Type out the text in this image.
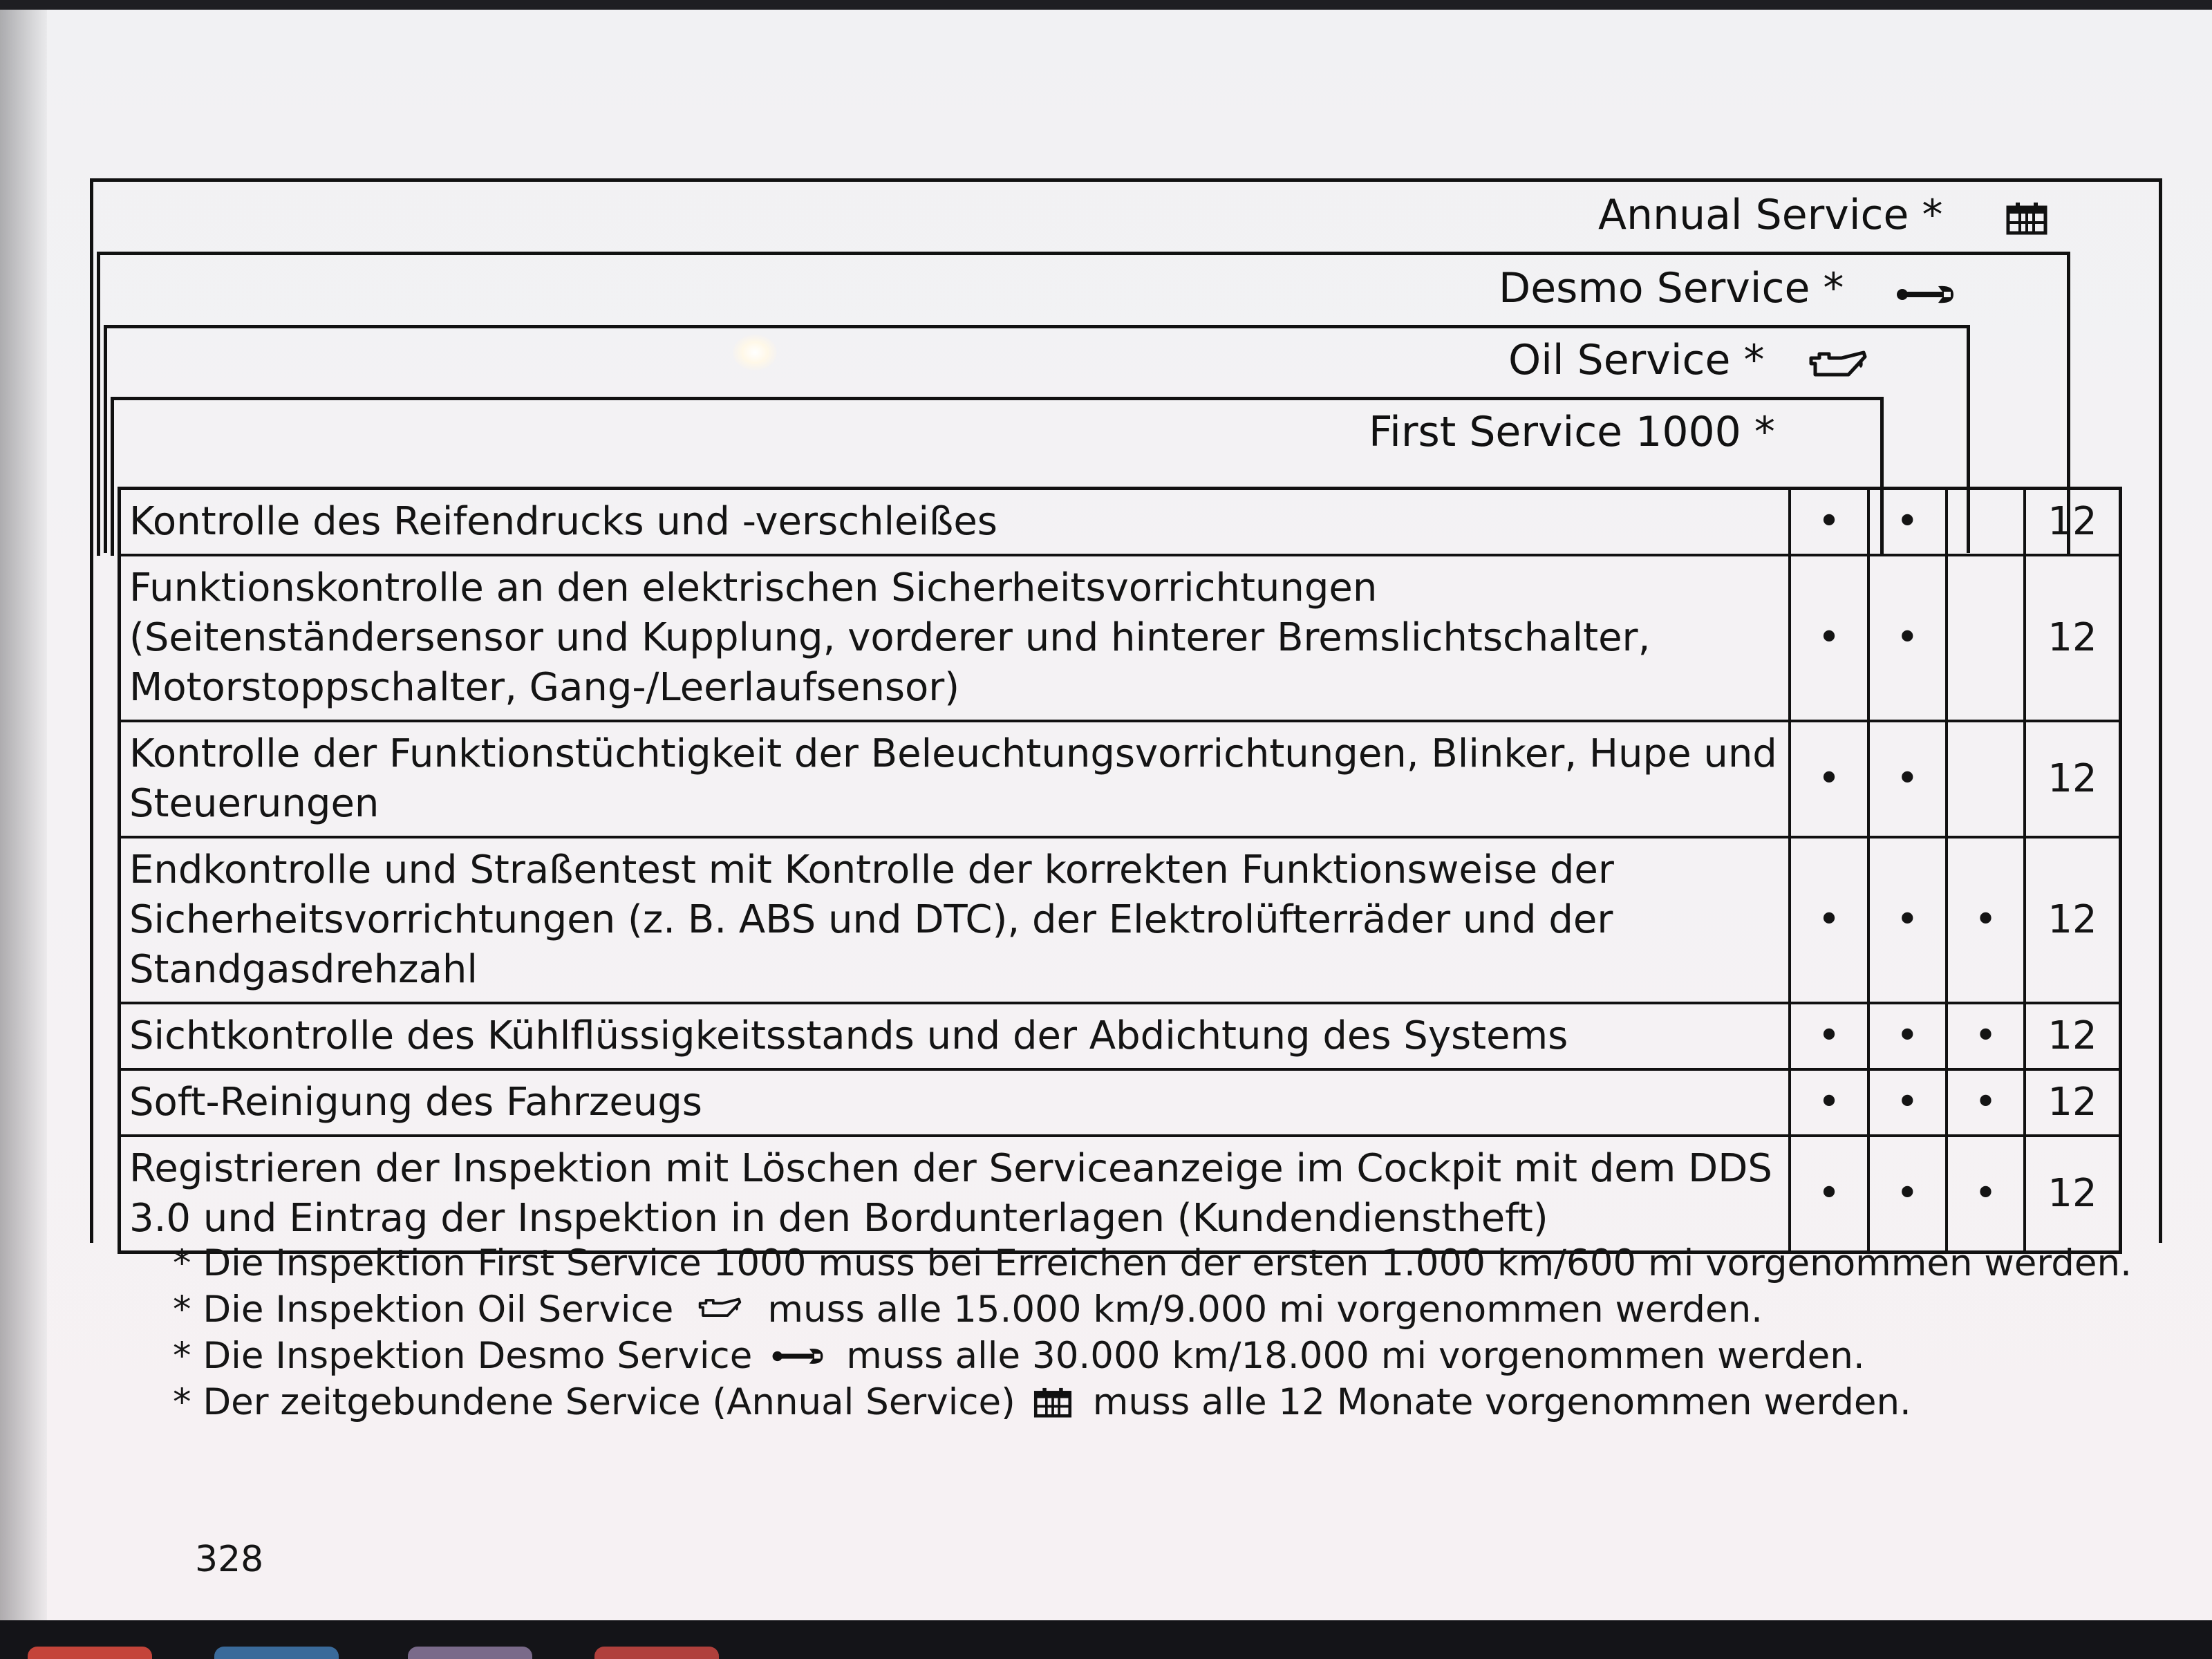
Annual Service *
Desmo Service *
Oil Service *
First Service 1000 *
Kontrolle des Reifendrucks und -verschleißes	•	•		12
Funktionskontrolle an den elektrischen Sicherheitsvorrichtungen (Seitenständersensor und Kupplung, vorderer und hinterer Bremslichtschalter, Motorstoppschalter, Gang-/Leerlaufsensor)	•	•		12
Kontrolle der Funktionstüchtigkeit der Beleuchtungsvorrichtungen, Blinker, Hupe und Steuerungen	•	•		12
Endkontrolle und Straßentest mit Kontrolle der korrekten Funktionsweise der Sicherheitsvorrichtungen (z. B. ABS und DTC), der Elektrolüfterräder und der Standgasdrehzahl	•	•	•	12
Sichtkontrolle des Kühlflüssigkeitsstands und der Abdichtung des Systems	•	•	•	12
Soft-Reinigung des Fahrzeugs	•	•	•	12
Registrieren der Inspektion mit Löschen der Serviceanzeige im Cockpit mit dem DDS 3.0 und Eintrag der Inspektion in den Bordunterlagen (Kundendienstheft)	•	•	•	12
* Die Inspektion First Service 1000 muss bei Erreichen der ersten 1.000 km/600 mi vorgenommen werden.
* Die Inspektion Oil Service	muss alle 15.000 km/9.000 mi vorgenommen werden.
* Die Inspektion Desmo Service	muss alle 30.000 km/18.000 mi vorgenommen werden.
* Der zeitgebundene Service (Annual Service) muss alle 12 Monate vorgenommen werden.
328
